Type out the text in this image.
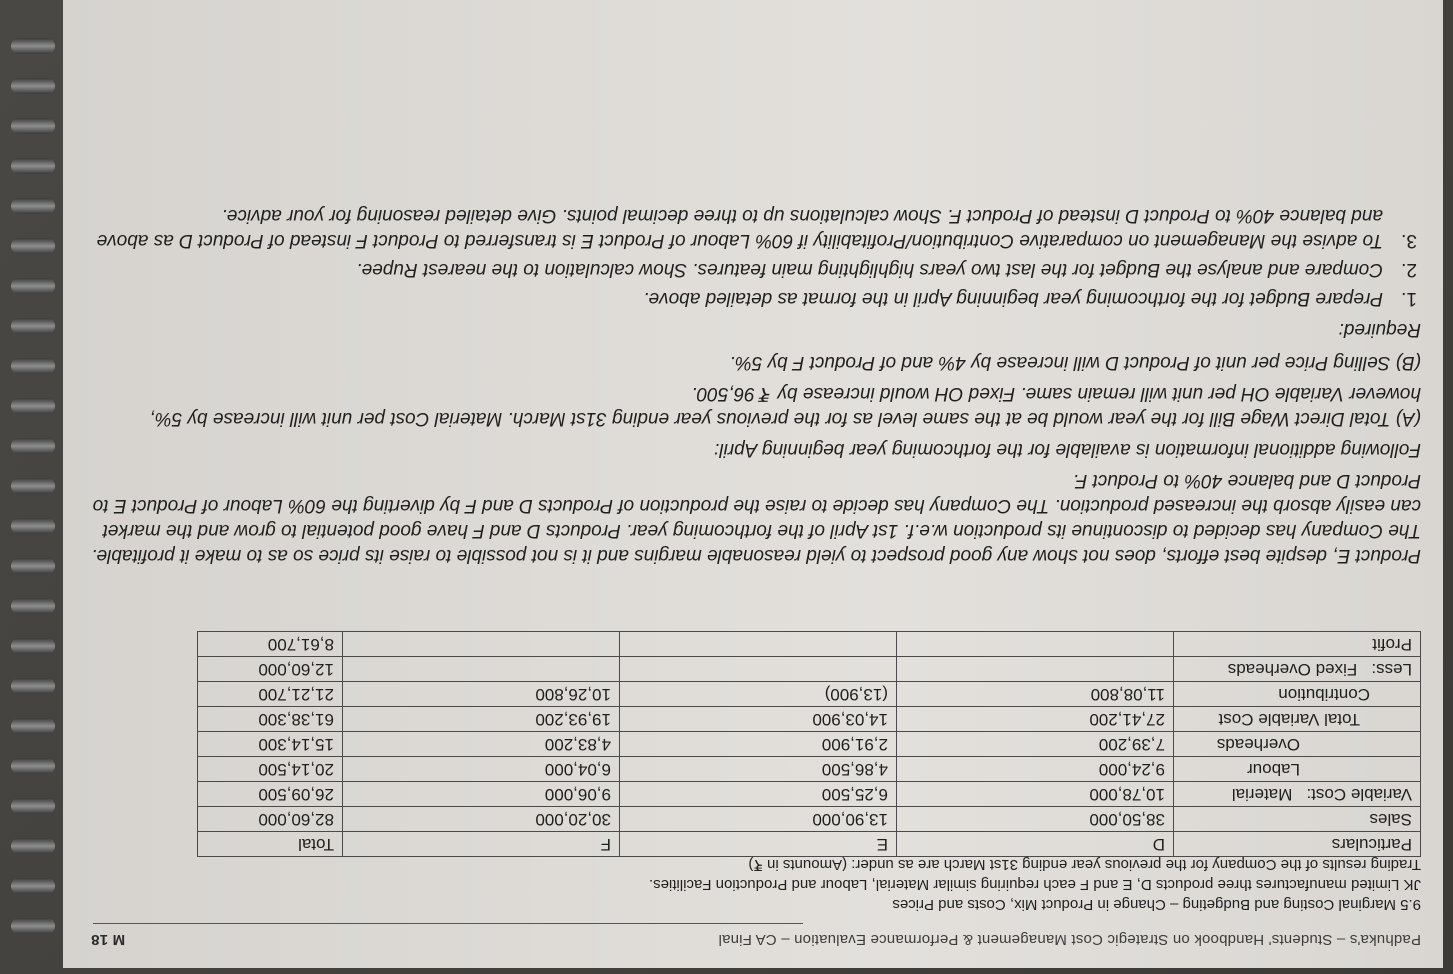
Padhuka's – Students' Handbook on Strategic Cost Management & Performance Evaluation – CA Final
M 18

9.5 Marginal Costing and Budgeting – Change in Product Mix, Costs and Prices

JK Limited manufactures three products D, E and F each requiring similar Material, Labour and Production Facilities. Trading results of the Company for the previous year ending 31st March are as under: (Amounts in ₹)

Particulars	D	E	F	Total
Sales	38,50,000	13,90,000	30,20,000	82,60,000
Variable Cost:   Material	10,78,000	6,25,500	9,06,000	26,09,500
Labour	9,24,000	4,86,500	6,04,000	20,14,500
Overheads	7,39,200	2,91,900	4,83,200	15,14,300
Total Variable Cost	27,41,200	14,03,900	19,93,200	61,38,300
Contribution	11,08,800	(13,900)	10,26,800	21,21,700
Less:   Fixed Overheads				12,60,000
Profit				8,61,700

Product E, despite best efforts, does not show any good prospect to yield reasonable margins and it is not possible to raise its price so as to make it profitable. The Company has decided to discontinue its production w.e.f. 1st April of the forthcoming year. Products D and F have good potential to grow and the market can easily absorb the increased production. The Company has decide to raise the production of Products D and F by diverting the 60% Labour of Product E to Product D and balance 40% to Product F.

Following additional information is available for the forthcoming year beginning April:

(A) Total Direct Wage Bill for the year would be at the same level as for the previous year ending 31st March. Material Cost per unit will increase by 5%, however Variable OH per unit will remain same. Fixed OH would increase by ₹ 96,500.

(B) Selling Price per unit of Product D will increase by 4% and of Product F by 5%.

Required:

1.
Prepare Budget for the forthcoming year beginning April in the format as detailed above.
2.
Compare and analyse the Budget for the last two years highlighting main features. Show calculation to the nearest Rupee.
3.
To advise the Management on comparative Contribution/Profitability if 60% Labour of Product E is transferred to Product F instead of Product D as above and balance 40% to Product D instead of Product F. Show calculations up to three decimal points. Give detailed reasoning for your advice.
